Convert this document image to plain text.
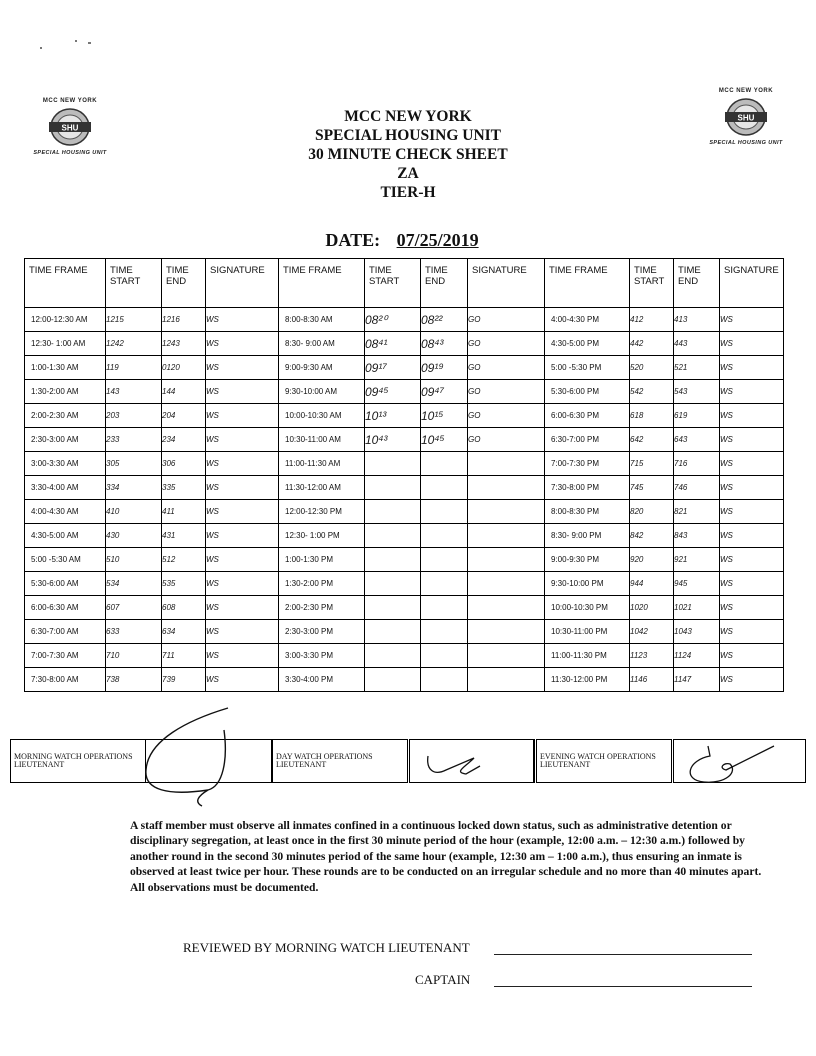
MCC NEW YORK
SHU
SPECIAL HOUSING UNIT
MCC NEW YORK
SHU
SPECIAL HOUSING UNIT
MCC NEW YORK
SPECIAL HOUSING UNIT
30 MINUTE CHECK SHEET
ZA
TIER-H
DATE: 07/25/2019
TIME FRAME	TIME START	TIME END	SIGNATURE	TIME FRAME	TIME START	TIME END	SIGNATURE	TIME FRAME	TIME START	TIME END	SIGNATURE
12:00-12:30 AM	1215	1216	WS	8:00-8:30 AM	08²⁰	08²²	GO	4:00-4:30 PM	412	413	WS
12:30- 1:00 AM	1242	1243	WS	8:30- 9:00 AM	08⁴¹	08⁴³	GO	4:30-5:00 PM	442	443	WS
1:00-1:30 AM	119	0120	WS	9:00-9:30 AM	09¹⁷	09¹⁹	GO	5:00 -5:30 PM	520	521	WS
1:30-2:00 AM	143	144	WS	9:30-10:00 AM	09⁴⁵	09⁴⁷	GO	5:30-6:00 PM	542	543	WS
2:00-2:30 AM	203	204	WS	10:00-10:30 AM	10¹³	10¹⁵	GO	6:00-6:30 PM	618	619	WS
2:30-3:00 AM	233	234	WS	10:30-11:00 AM	10⁴³	10⁴⁵	GO	6:30-7:00 PM	642	643	WS
3:00-3:30 AM	305	306	WS	11:00-11:30 AM				7:00-7:30 PM	715	716	WS
3:30-4:00 AM	334	335	WS	11:30-12:00 AM				7:30-8:00 PM	745	746	WS
4:00-4:30 AM	410	411	WS	12:00-12:30 PM				8:00-8:30 PM	820	821	WS
4:30-5:00 AM	430	431	WS	12:30- 1:00 PM				8:30- 9:00 PM	842	843	WS
5:00 -5:30 AM	510	512	WS	1:00-1:30 PM				9:00-9:30 PM	920	921	WS
5:30-6:00 AM	534	535	WS	1:30-2:00 PM				9:30-10:00 PM	944	945	WS
6:00-6:30 AM	607	608	WS	2:00-2:30 PM				10:00-10:30 PM	1020	1021	WS
6:30-7:00 AM	633	634	WS	2:30-3:00 PM				10:30-11:00 PM	1042	1043	WS
7:00-7:30 AM	710	711	WS	3:00-3:30 PM				11:00-11:30 PM	1123	1124	WS
7:30-8:00 AM	738	739	WS	3:30-4:00 PM				11:30-12:00 PM	1146	1147	WS
MORNING WATCH OPERATIONS LIEUTENANT	
DAY WATCH OPERATIONS LIEUTENANT	
EVENING WATCH OPERATIONS LIEUTENANT	
A staff member must observe all inmates confined in a continuous locked down status, such as administrative detention or disciplinary segregation, at least once in the first 30 minute period of the hour (example, 12:00 a.m. – 12:30 a.m.) followed by another round in the second 30 minutes period of the same hour (example, 12:30 am – 1:00 a.m.), thus ensuring an inmate is observed at least twice per hour. These rounds are to be conducted on an irregular schedule and no more than 40 minutes apart. All observations must be documented.
REVIEWED BY MORNING WATCH LIEUTENANT
CAPTAIN
